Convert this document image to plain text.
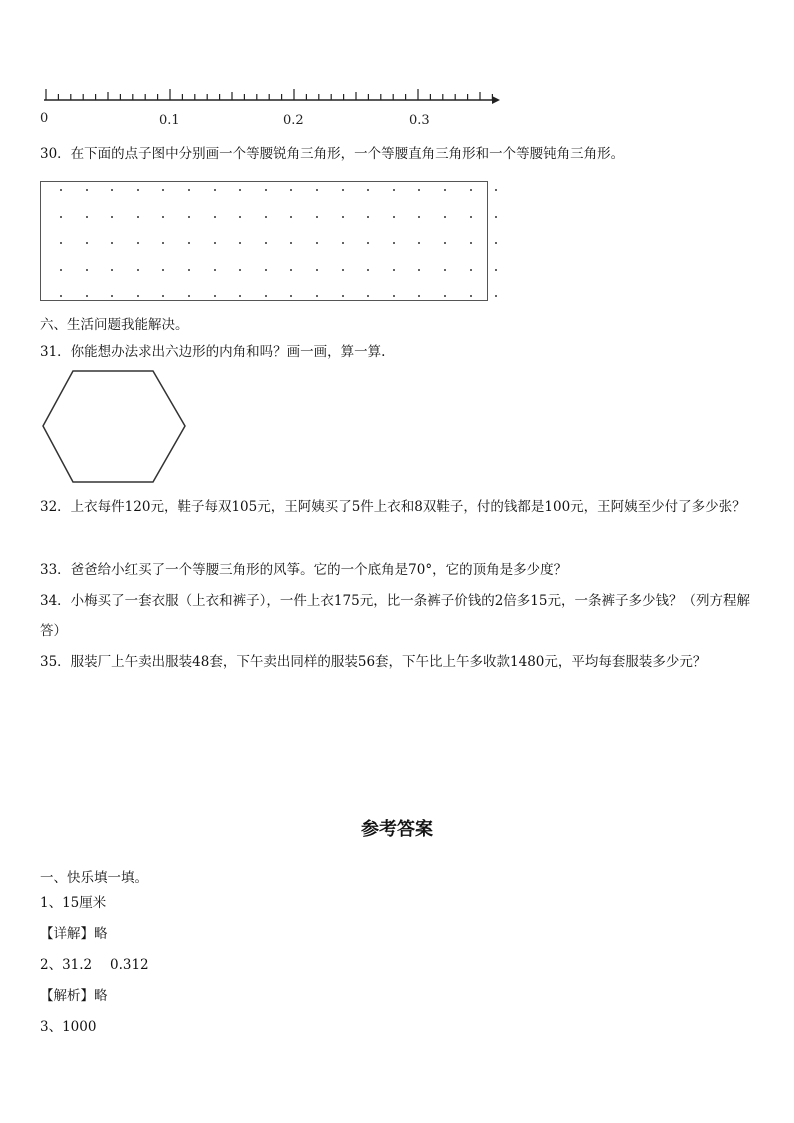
0	0.1	0.2	0.3
30．在下面的点子图中分别画一个等腰锐角三角形，一个等腰直角三角形和一个等腰钝角三角形。
六、生活问题我能解决。
31．你能想办法求出六边形的内角和吗？画一画，算一算.
32．上衣每件120元，鞋子每双105元，王阿姨买了5件上衣和8双鞋子，付的钱都是100元，王阿姨至少付了多少张？
33．爸爸给小红买了一个等腰三角形的风筝。它的一个底角是70°，它的顶角是多少度？
34．小梅买了一套衣服（上衣和裤子），一件上衣175元，比一条裤子价钱的2倍多15元，一条裤子多少钱？（列方程解答）
35．服装厂上午卖出服装48套，下午卖出同样的服装56套，下午比上午多收款1480元，平均每套服装多少元？
参考答案
一、快乐填一填。
1、15厘米
【详解】略
2、31.2 0.312
【解析】略
3、1000
